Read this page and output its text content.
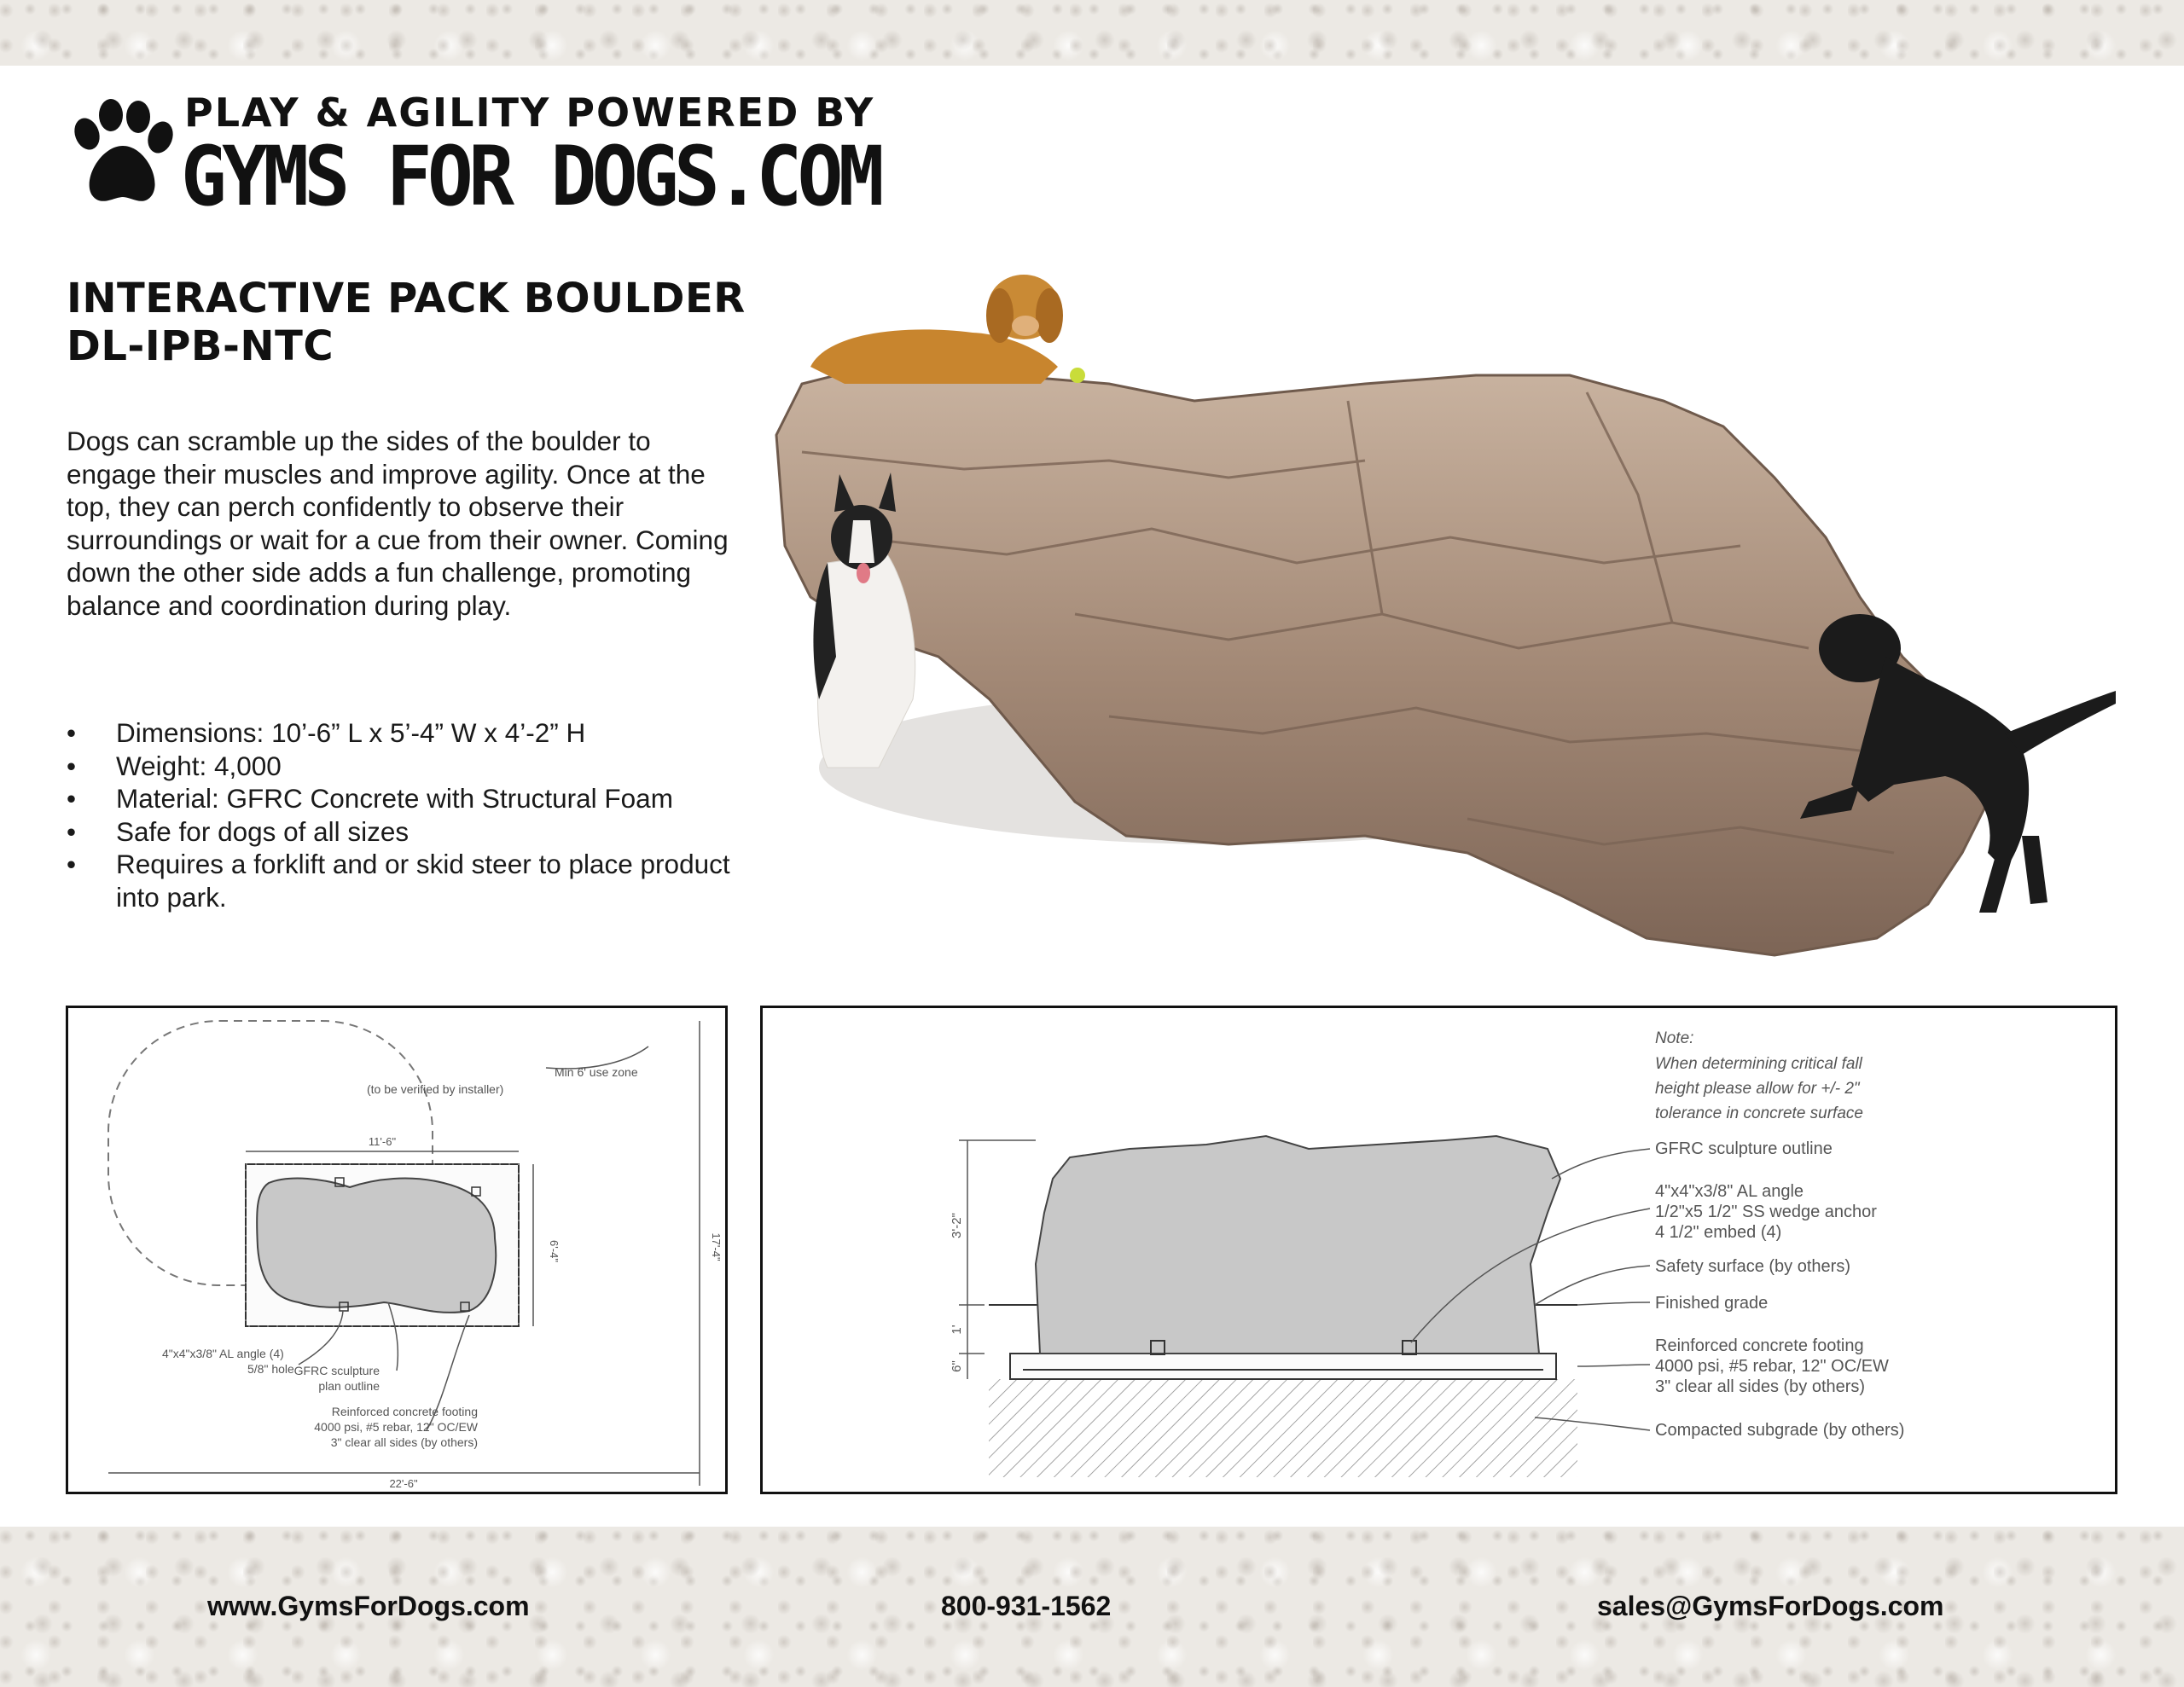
PLAY & AGILITY POWERED BY
GYMS FOR DOGS.COM
INTERACTIVE PACK BOULDER
DL-IPB-NTC

Dogs can scramble up the sides of the boulder to engage their muscles and improve agility. Once at the top, they can perch confidently to observe their surroundings or wait for a cue from their owner. Coming down the other side adds a fun challenge, promoting balance and coordination during play.

• Dimensions: 10’-6” L x 5’-4” W x 4’-2” H
• Weight: 4,000
• Material: GFRC Concrete with Structural Foam
• Safe for dogs of all sizes
• Requires a forklift and or skid steer to place product into park.
Min 6' use zone
(to be verified by installer)
11'-6"
6'-4"	17'-4"
22'-6"
4"x4"x3/8" AL angle (4)
5/8" hole GFRC sculpture
plan outline
Reinforced concrete footing
4000 psi, #5 rebar, 12" OC/EW
3" clear all sides (by others)
Note:
When determining critical fall
height please allow for +/- 2"
tolerance in concrete surface
GFRC sculpture outline
4"x4"x3/8" AL angle
1/2"x5 1/2" SS wedge anchor
4 1/2" embed (4)
Safety surface (by others)
Finished grade
Reinforced concrete footing
4000 psi, #5 rebar, 12" OC/EW
3" clear all sides (by others)
Compacted subgrade (by others)
3'-2"
1'
6"
www.GymsForDogs.com	800-931-1562	sales@GymsForDogs.com
